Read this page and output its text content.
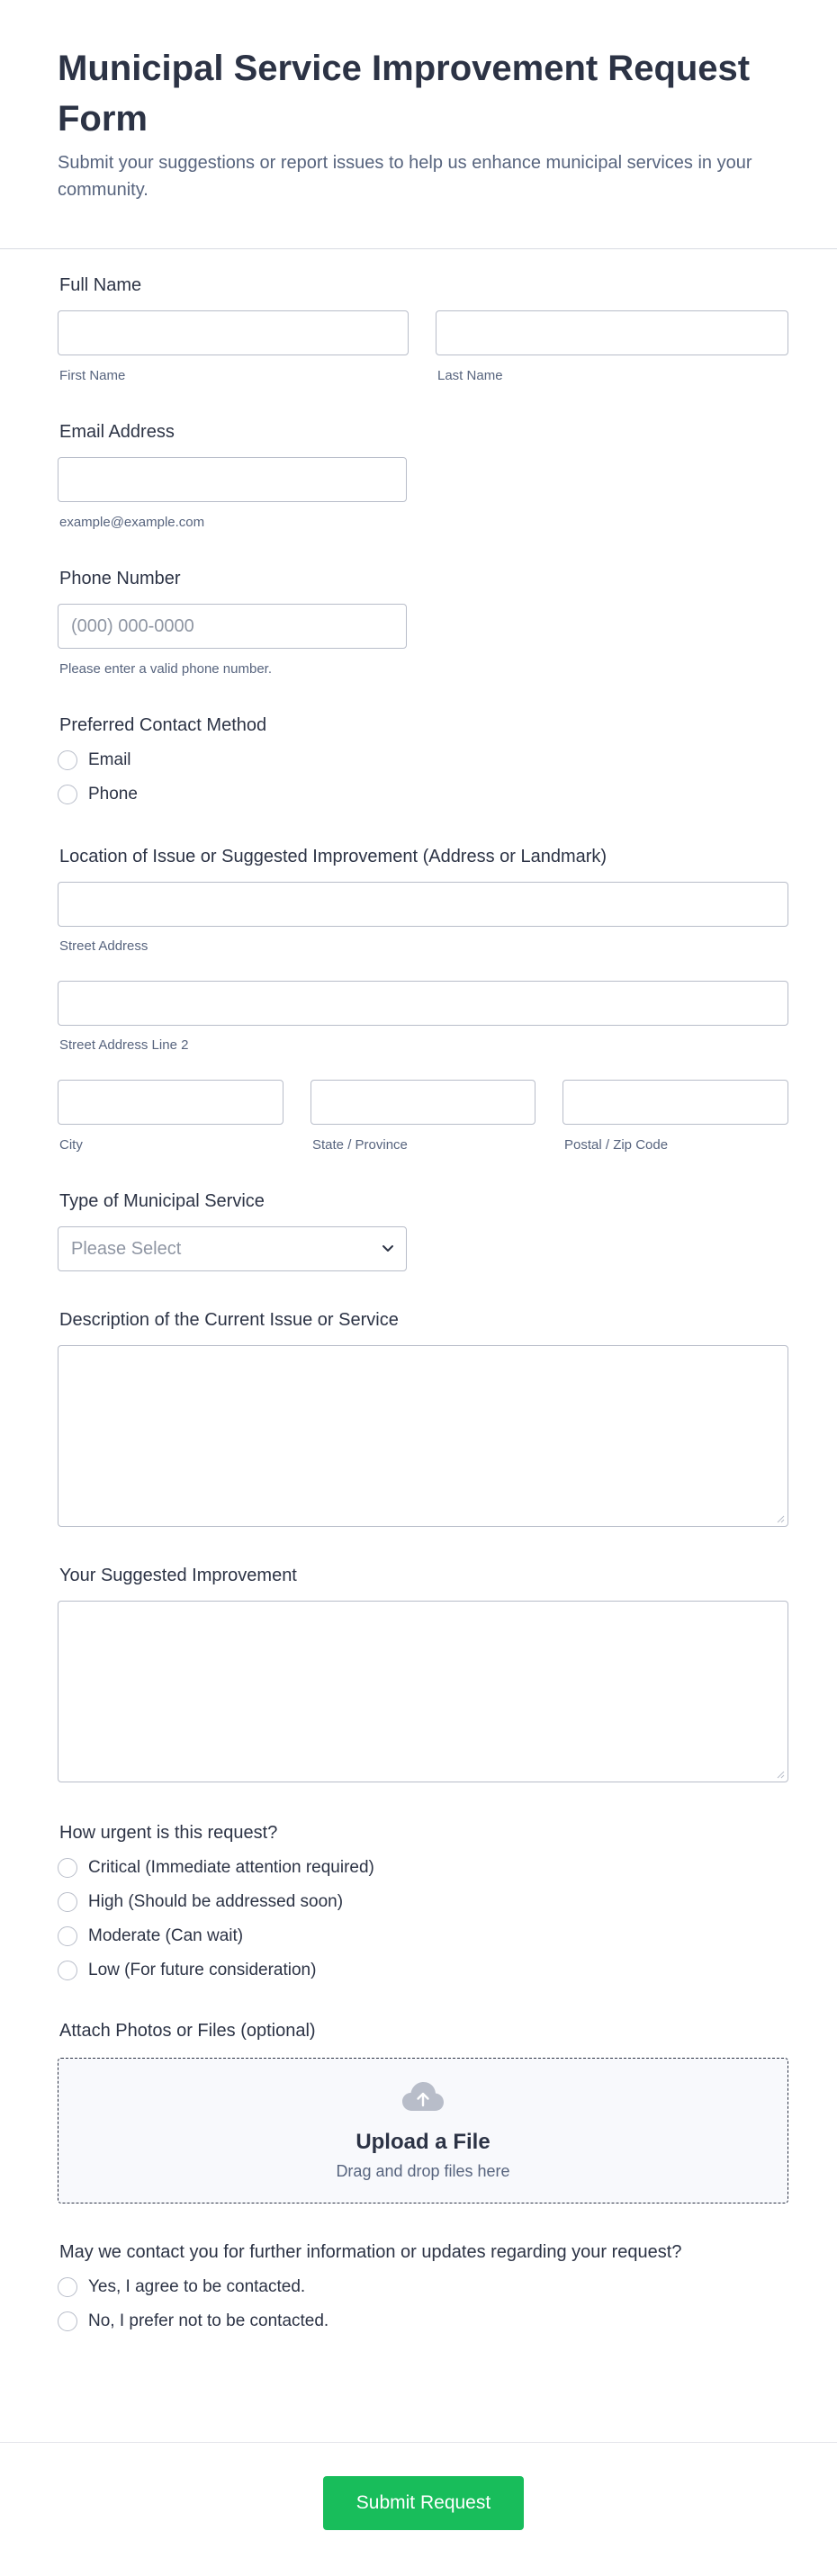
Municipal Service Improvement Request Form

Submit your suggestions or report issues to help us enhance municipal services in your community.

Full Name
First Name	Last Name
Email Address
example@example.com
Phone Number
(000) 000-0000
Please enter a valid phone number.
Preferred Contact Method
Email
Phone
Location of Issue or Suggested Improvement (Address or Landmark)
Street Address
Street Address Line 2
City	State / Province	Postal / Zip Code
Type of Municipal Service
Please Select
Description of the Current Issue or Service
Your Suggested Improvement
How urgent is this request?
Critical (Immediate attention required)
High (Should be addressed soon)
Moderate (Can wait)
Low (For future consideration)
Attach Photos or Files (optional)
Upload a File
Drag and drop files here
May we contact you for further information or updates regarding your request?
Yes, I agree to be contacted.
No, I prefer not to be contacted.
Submit Request
